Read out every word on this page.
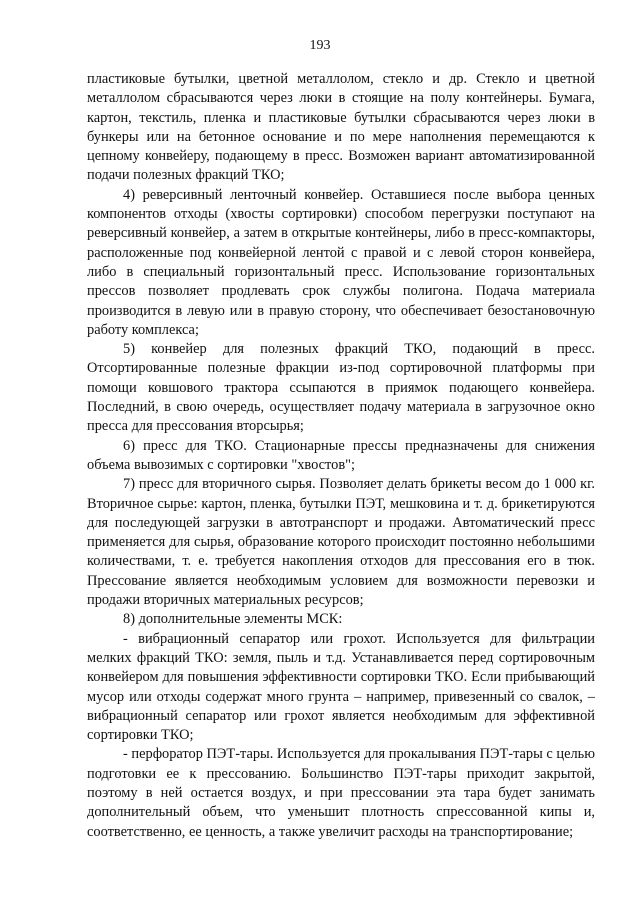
193

пластиковые бутылки, цветной металлолом, стекло и др. Стекло и цветной металлолом сбрасываются через люки в стоящие на полу контейнеры. Бумага, картон, текстиль, пленка и пластиковые бутылки сбрасываются через люки в бункеры или на бетонное основание и по мере наполнения перемещаются к цепному конвейеру, подающему в пресс. Возможен вариант автоматизированной подачи полезных фракций ТКО;

4) реверсивный ленточный конвейер. Оставшиеся после выбора ценных компонентов отходы (хвосты сортировки) способом перегрузки поступают на реверсивный конвейер, а затем в открытые контейнеры, либо в пресс-компакторы, расположенные под конвейерной лентой с правой и с левой сторон конвейера, либо в специальный горизонтальный пресс. Использование горизонтальных прессов позволяет продлевать срок службы полигона. Подача материала производится в левую или в правую сторону, что обеспечивает безостановочную работу комплекса;

5) конвейер для полезных фракций ТКО, подающий в пресс. Отсортированные полезные фракции из-под сортировочной платформы при помощи ковшового трактора ссыпаются в приямок подающего конвейера. Последний, в свою очередь, осуществляет подачу материала в загрузочное окно пресса для прессования вторсырья;

6) пресс для ТКО. Стационарные прессы предназначены для снижения объема вывозимых с сортировки "хвостов";

7) пресс для вторичного сырья. Позволяет делать брикеты весом до 1 000 кг. Вторичное сырье: картон, пленка, бутылки ПЭТ, мешковина и т. д. брикетируются для последующей загрузки в автотранспорт и продажи. Автоматический пресс применяется для сырья, образование которого происходит постоянно небольшими количествами, т. е. требуется накопления отходов для прессования его в тюк. Прессование является необходимым условием для возможности перевозки и продажи вторичных материальных ресурсов;

8) дополнительные элементы МСК:

- вибрационный сепаратор или грохот. Используется для фильтрации мелких фракций ТКО: земля, пыль и т.д. Устанавливается перед сортировочным конвейером для повышения эффективности сортировки ТКО. Если прибывающий мусор или отходы содержат много грунта – например, привезенный со свалок, – вибрационный сепаратор или грохот является необходимым для эффективной сортировки ТКО;

- перфоратор ПЭТ-тары. Используется для прокалывания ПЭТ-тары с целью подготовки ее к прессованию. Большинство ПЭТ-тары приходит закрытой, поэтому в ней остается воздух, и при прессовании эта тара будет занимать дополнительный объем, что уменьшит плотность спрессованной кипы и, соответственно, ее ценность, а также увеличит расходы на транспортирование;
